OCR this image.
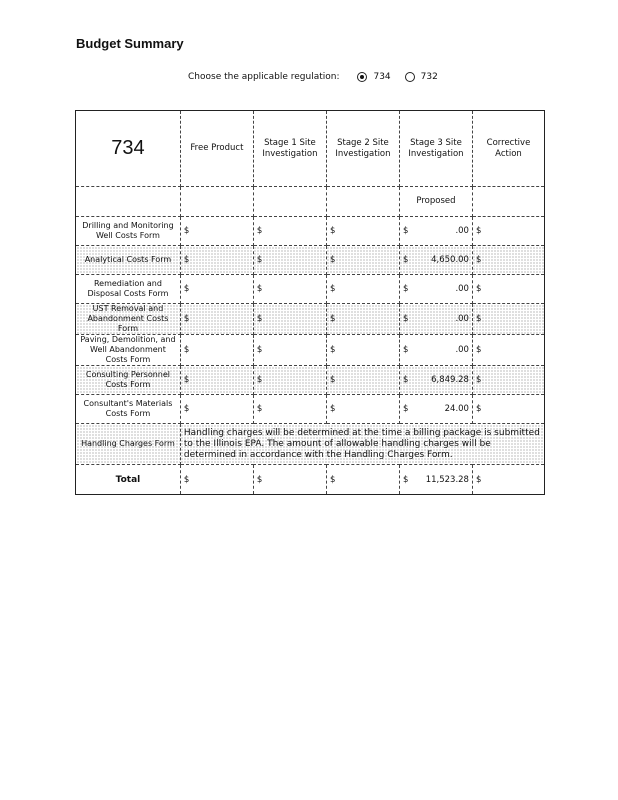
Budget Summary
Choose the applicable regulation:	734	732
734	Free Product	Stage 1 Site Investigation	Stage 2 Site Investigation	Stage 3 Site Investigation	Corrective Action
				Proposed	
Drilling and Monitoring Well Costs Form	$	$	$	$ .00	$
Analytical Costs Form	$	$	$	$ 4,650.00	$
Remediation and Disposal Costs Form	$	$	$	$ .00	$
UST Removal and Abandonment Costs Form	$	$	$	$ .00	$
Paving, Demolition, and Well Abandonment Costs Form	$	$	$	$ .00	$
Consulting Personnel Costs Form	$	$	$	$ 6,849.28	$
Consultant's Materials Costs Form	$	$	$	$ 24.00	$
Handling Charges Form	Handling charges will be determined at the time a billing package is submitted to the Illinois EPA. The amount of allowable handling charges will be determined in accordance with the Handling Charges Form.				
Total	$	$	$	$ 11,523.28	$
